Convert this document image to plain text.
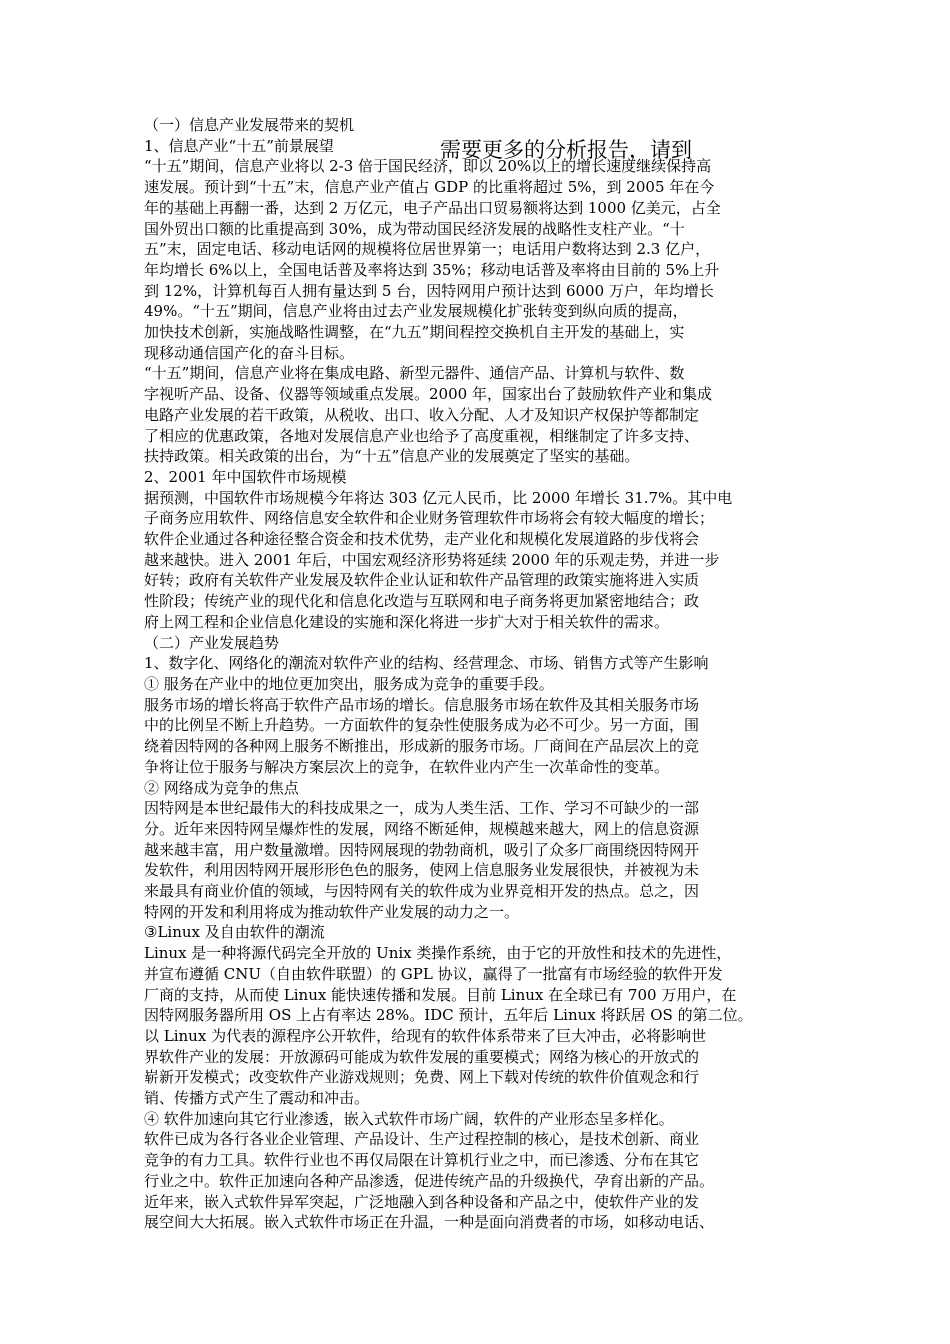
（一）信息产业发展带来的契机

1、信息产业“十五”前景展望

“十五”期间，信息产业将以 2-3 倍于国民经济，即以 20%以上的增长速度继续保持高

速发展。预计到“十五”末，信息产业产值占 GDP 的比重将超过 5%，到 2005 年在今

年的基础上再翻一番，达到 2 万亿元，电子产品出口贸易额将达到 1000 亿美元，占全

国外贸出口额的比重提高到 30%，成为带动国民经济发展的战略性支柱产业。“十

五”末，固定电话、移动电话网的规模将位居世界第一；电话用户数将达到 2.3 亿户，

年均增长 6%以上，全国电话普及率将达到 35%；移动电话普及率将由目前的 5%上升

到 12%，计算机每百人拥有量达到 5 台，因特网用户预计达到 6000 万户，年均增长

49%。“十五”期间，信息产业将由过去产业发展规模化扩张转变到纵向质的提高，

加快技术创新，实施战略性调整，在“九五”期间程控交换机自主开发的基础上，实

现移动通信国产化的奋斗目标。

“十五”期间，信息产业将在集成电路、新型元器件、通信产品、计算机与软件、数

字视听产品、设备、仪器等领域重点发展。2000 年，国家出台了鼓励软件产业和集成

电路产业发展的若干政策，从税收、出口、收入分配、人才及知识产权保护等都制定

了相应的优惠政策，各地对发展信息产业也给予了高度重视，相继制定了许多支持、

扶持政策。相关政策的出台，为“十五”信息产业的发展奠定了坚实的基础。

2、2001 年中国软件市场规模

据预测，中国软件市场规模今年将达 303 亿元人民币，比 2000 年增长 31.7%。其中电

子商务应用软件、网络信息安全软件和企业财务管理软件市场将会有较大幅度的增长；

软件企业通过各种途径整合资金和技术优势，走产业化和规模化发展道路的步伐将会

越来越快。进入 2001 年后，中国宏观经济形势将延续 2000 年的乐观走势，并进一步

好转；政府有关软件产业发展及软件企业认证和软件产品管理的政策实施将进入实质

性阶段；传统产业的现代化和信息化改造与互联网和电子商务将更加紧密地结合；政

府上网工程和企业信息化建设的实施和深化将进一步扩大对于相关软件的需求。

（二）产业发展趋势

1、数字化、网络化的潮流对软件产业的结构、经营理念、市场、销售方式等产生影响

① 服务在产业中的地位更加突出，服务成为竞争的重要手段。

服务市场的增长将高于软件产品市场的增长。信息服务市场在软件及其相关服务市场

中的比例呈不断上升趋势。一方面软件的复杂性使服务成为必不可少。另一方面，围

绕着因特网的各种网上服务不断推出，形成新的服务市场。厂商间在产品层次上的竞

争将让位于服务与解决方案层次上的竞争，在软件业内产生一次革命性的变革。

② 网络成为竞争的焦点

因特网是本世纪最伟大的科技成果之一，成为人类生活、工作、学习不可缺少的一部

分。近年来因特网呈爆炸性的发展，网络不断延伸，规模越来越大，网上的信息资源

越来越丰富，用户数量激增。因特网展现的勃勃商机，吸引了众多厂商围绕因特网开

发软件，利用因特网开展形形色色的服务，使网上信息服务业发展很快，并被视为未

来最具有商业价值的领域，与因特网有关的软件成为业界竞相开发的热点。总之，因

特网的开发和利用将成为推动软件产业发展的动力之一。

③Linux 及自由软件的潮流

Linux 是一种将源代码完全开放的 Unix 类操作系统，由于它的开放性和技术的先进性，

并宣布遵循 CNU（自由软件联盟）的 GPL 协议，赢得了一批富有市场经验的软件开发

厂商的支持，从而使 Linux 能快速传播和发展。目前 Linux 在全球已有 700 万用户，在

因特网服务器所用 OS 上占有率达 28%。IDC 预计，五年后 Linux 将跃居 OS 的第二位。

以 Linux 为代表的源程序公开软件，给现有的软件体系带来了巨大冲击，必将影响世

界软件产业的发展：开放源码可能成为软件发展的重要模式；网络为核心的开放式的

崭新开发模式；改变软件产业游戏规则；免费、网上下载对传统的软件价值观念和行

销、传播方式产生了震动和冲击。

④ 软件加速向其它行业渗透，嵌入式软件市场广阔，软件的产业形态呈多样化。

软件已成为各行各业企业管理、产品设计、生产过程控制的核心，是技术创新、商业

竞争的有力工具。软件行业也不再仅局限在计算机行业之中，而已渗透、分布在其它

行业之中。软件正加速向各种产品渗透，促进传统产品的升级换代，孕育出新的产品。

近年来，嵌入式软件异军突起，广泛地融入到各种设备和产品之中，使软件产业的发

展空间大大拓展。嵌入式软件市场正在升温，一种是面向消费者的市场，如移动电话、

需要更多的分析报告，请到
